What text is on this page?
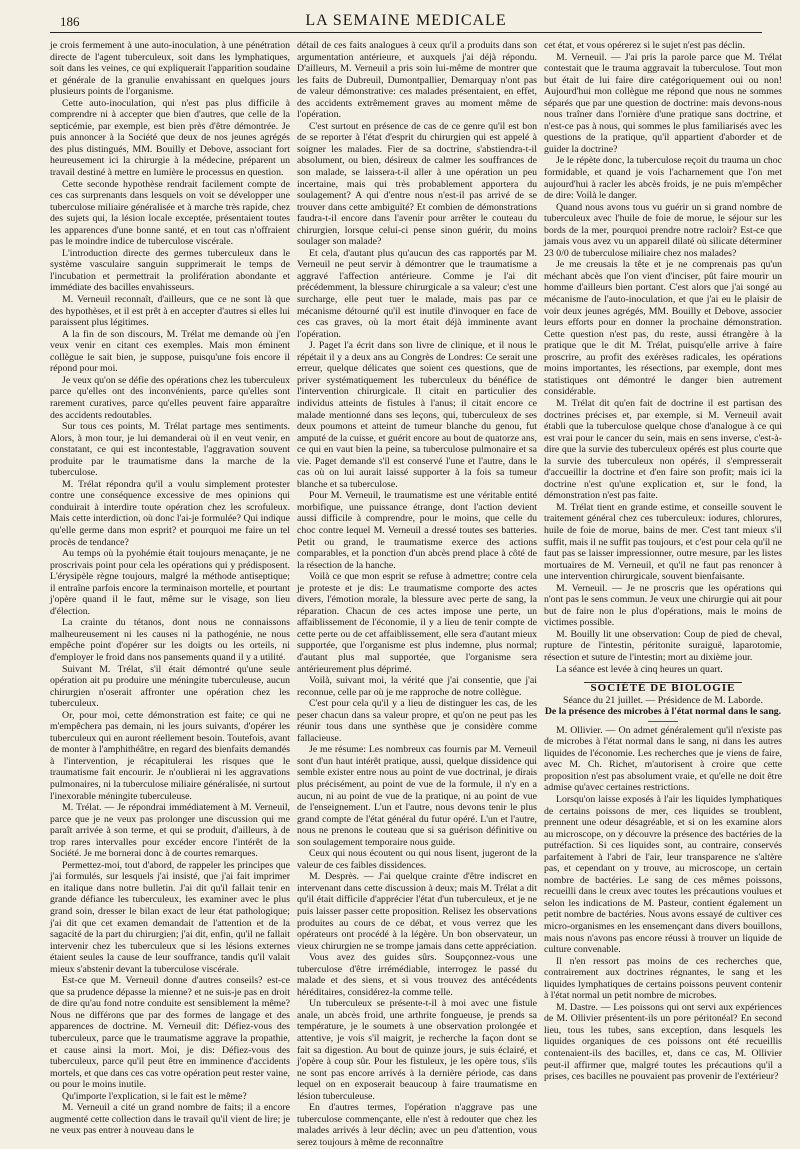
186	LA SEMAINE MEDICALE

je crois fermement à une auto-inoculation, à une pénétration directe de l'agent tuberculeux, soit dans les lymphatiques, soit dans les veines, ce qui expliquerait l'apparition soudaine et générale de la granulie envahissant en quelques jours plusieurs points de l'organisme.

Cette auto-inoculation, qui n'est pas plus difficile à comprendre ni à accepter que bien d'autres, que celle de la septicémie, par exemple, est bien près d'être démontrée. Je puis annoncer à la Société que deux de nos jeunes agrégés des plus distingués, MM. Bouilly et Debove, associant fort heureusement ici la chirurgie à la médecine, préparent un travail destiné à mettre en lumière le processus en question.

Cette seconde hypothèse rendrait facilement compte de ces cas surprenants dans lesquels on voit se développer une tuberculose miliaire généralisée et à marche très rapide, chez des sujets qui, la lésion locale exceptée, présentaient toutes les apparences d'une bonne santé, et en tout cas n'offraient pas le moindre indice de tuberculose viscérale.

L'introduction directe des germes tuberculeux dans le système vasculaire sanguin supprimerait le temps de l'incubation et permettrait la prolifération abondante et immédiate des bacilles envahisseurs.

M. Verneuil reconnaît, d'ailleurs, que ce ne sont là que des hypothèses, et il est prêt à en accepter d'autres si elles lui paraissent plus légitimes.

A la fin de son discours, M. Trélat me demande où j'en veux venir en citant ces exemples. Mais mon éminent collègue le sait bien, je suppose, puisqu'une fois encore il répond pour moi.

Je veux qu'on se défie des opérations chez les tuberculeux parce qu'elles ont des inconvénients, parce qu'elles sont rarement curatives, parce qu'elles peuvent faire apparaître des accidents redoutables.

Sur tous ces points, M. Trélat partage mes sentiments. Alors, à mon tour, je lui demanderai où il en veut venir, en constatant, ce qui est incontestable, l'aggravation souvent produite par le traumatisme dans la marche de la tuberculose.

M. Trélat répondra qu'il a voulu simplement protester contre une conséquence excessive de mes opinions qui conduirait à interdire toute opération chez les scrofuleux. Mais cette interdiction, où donc l'ai-je formulée? Qui indique qu'elle germe dans mon esprit? et pourquoi me faire un tel procès de tendance?

Au temps où la pyohémie était toujours menaçante, je ne proscrivais point pour cela les opérations qui y prédisposent. L'érysipèle règne toujours, malgré la méthode antiseptique; il entraîne parfois encore la terminaison mortelle, et pourtant j'opère quand il le faut, même sur le visage, son lieu d'élection.

La crainte du tétanos, dont nous ne connaissons malheureusement ni les causes ni la pathogénie, ne nous empêche point d'opérer sur les doigts ou les orteils, ni d'employer le froid dans nos pansements quand il y a utilité.

Suivant M. Trélat, s'il était démontré qu'une seule opération ait pu produire une méningite tuberculeuse, aucun chirurgien n'oserait affronter une opération chez les tuberculeux.

Or, pour moi, cette démonstration est faite; ce qui ne m'empêchera pas demain, ni les jours suivants, d'opérer les tuberculeux qui en auront réellement besoin. Toutefois, avant de monter à l'amphithéâtre, en regard des bienfaits demandés à l'intervention, je récapitulerai les risques que le traumatisme fait encourir. Je n'oublierai ni les aggravations pulmonaires, ni la tuberculose miliaire généralisée, ni surtout l'inexorable méningite tuberculeuse.

M. Trélat. — Je répondrai immédiatement à M. Verneuil, parce que je ne veux pas prolonger une discussion qui me paraît arrivée à son terme, et qui se produit, d'ailleurs, à de trop rares intervalles pour excéder encore l'intérêt de la Société. Je me bornerai donc à de courtes remarques.

Permettez-moi, tout d'abord, de rappeler les principes que j'ai formulés, sur lesquels j'ai insisté, que j'ai fait imprimer en italique dans notre bulletin. J'ai dit qu'il fallait tenir en grande défiance les tuberculeux, les examiner avec le plus grand soin, dresser le bilan exact de leur état pathologique; j'ai dit que cet examen demandait de l'attention et de la sagacité de la part du chirurgien; j'ai dit, enfin, qu'il ne fallait intervenir chez les tuberculeux que si les lésions externes étaient seules la cause de leur souffrance, tandis qu'il valait mieux s'abstenir devant la tuberculose viscérale.

Est-ce que M. Verneuil donne d'autres conseils? est-ce que sa prudence dépasse la mienne? et ne suis-je pas en droit de dire qu'au fond notre conduite est sensiblement la même? Nous ne différons que par des formes de langage et des apparences de doctrine. M. Verneuil dit: Défiez-vous des tuberculeux, parce que le traumatisme aggrave la propathie, et cause ainsi la mort. Moi, je dis: Défiez-vous des tuberculeux, parce qu'il peut être en imminence d'accidents mortels, et que dans ces cas votre opération peut rester vaine, ou pour le moins inutile.

Qu'importe l'explication, si le fait est le même?

M. Verneuil a cité un grand nombre de faits; il a encore augmenté cette collection dans le travail qu'il vient de lire; je ne veux pas entrer à nouveau dans le

détail de ces faits analogues à ceux qu'il a produits dans son argumentation antérieure, et auxquels j'ai déjà répondu. D'ailleurs, M. Verneuil a pris soin lui-même de montrer que les faits de Dubreuil, Dumontpallier, Demarquay n'ont pas de valeur démonstrative: ces malades présentaient, en effet, des accidents extrêmement graves au moment même de l'opération.

C'est surtout en présence de cas de ce genre qu'il est bon de se reporter à l'état d'esprit du chirurgien qui est appelé à soigner les malades. Fier de sa doctrine, s'abstiendra-t-il absolument, ou bien, désireux de calmer les souffrances de son malade, se laissera-t-il aller à une opération un peu incertaine, mais qui très probablement apportera du soulagement? A qui d'entre nous n'est-il pas arrivé de se trouver dans cette ambiguïté? Et combien de démonstrations faudra-t-il encore dans l'avenir pour arrêter le couteau du chirurgien, lorsque celui-ci pense sinon guérir, du moins soulager son malade?

Et cela, d'autant plus qu'aucun des cas rapportés par M. Verneuil ne peut servir à démontrer que le traumatisme a aggravé l'affection antérieure. Comme je l'ai dit précédemment, la blessure chirurgicale a sa valeur; c'est une surcharge, elle peut tuer le malade, mais pas par ce mécanisme détourné qu'il est inutile d'invoquer en face de ces cas graves, où la mort était déjà imminente avant l'opération.

J. Paget l'a écrit dans son livre de clinique, et il nous le répétait il y a deux ans au Congrès de Londres: Ce serait une erreur, quelque délicates que soient ces questions, que de priver systématiquement les tuberculeux du bénéfice de l'intervention chirurgicale. Il citait en particulier des individus atteints de fistules à l'anus; il citait encore ce malade mentionné dans ses leçons, qui, tuberculeux de ses deux poumons et atteint de tumeur blanche du genou, fut amputé de la cuisse, et guérit encore au bout de quatorze ans, ce qui en vaut bien la peine, sa tuberculose pulmonaire et sa vie. Paget demande s'il est conservé l'une et l'autre, dans le cas où on lui aurait laissé supporter à la fois sa tumeur blanche et sa tuberculose.

Pour M. Verneuil, le traumatisme est une véritable entité morbifique, une puissance étrange, dont l'action devient aussi difficile à comprendre, pour le moins, que celle du choc contre lequel M. Verneuil a dressé toutes ses batteries. Petit ou grand, le traumatisme exerce des actions comparables, et la ponction d'un abcès prend place à côté de la résection de la hanche.

Voilà ce que mon esprit se refuse à admettre; contre cela je proteste et je dis: Le traumatisme comporte des actes divers, l'émotion morale, la blessure avec perte de sang, la réparation. Chacun de ces actes impose une perte, un affaiblissement de l'économie, il y a lieu de tenir compte de cette perte ou de cet affaiblissement, elle sera d'autant mieux supportée, que l'organisme est plus indemne, plus normal; d'autant plus mal supportée, que l'organisme sera antérieurement plus déprimé.

Voilà, suivant moi, la vérité que j'ai consentie, que j'ai reconnue, celle par où je me rapproche de notre collègue.

C'est pour cela qu'il y a lieu de distinguer les cas, de les peser chacun dans sa valeur propre, et qu'on ne peut pas les réunir tous dans une synthèse que je considère comme fallacieuse.

Je me résume: Les nombreux cas fournis par M. Verneuil sont d'un haut intérêt pratique, aussi, quelque dissidence qui semble exister entre nous au point de vue doctrinal, je dirais plus précisément, au point de vue de la formule, il n'y en a aucun, ni au point de vue de la pratique, ni au point de vue de l'enseignement. L'un et l'autre, nous devons tenir le plus grand compte de l'état général du futur opéré. L'un et l'autre, nous ne prenons le couteau que si sa guérison définitive ou son soulagement temporaire nous guide.

Ceux qui nous écoutent ou qui nous lisent, jugeront de la valeur de ces faibles dissidences.

M. Desprès. — J'ai quelque crainte d'être indiscret en intervenant dans cette discussion à deux; mais M. Trélat a dit qu'il était difficile d'apprécier l'état d'un tuberculeux, et je ne puis laisser passer cette proposition. Relisez les observations produites au cours de ce débat, et vous verrez que les opérateurs ont procédé à la légère. Un bon observateur, un vieux chirurgien ne se trompe jamais dans cette appréciation.

Vous avez des guides sûrs. Soupçonnez-vous une tuberculose d'être irrémédiable, interrogez le passé du malade et des siens, et si vous trouvez des antécédents héréditaires, considérez-la comme telle.

Un tuberculeux se présente-t-il à moi avec une fistule anale, un abcès froid, une arthrite fongueuse, je prends sa température, je le soumets à une observation prolongée et attentive, je vois s'il maigrit, je recherche la façon dont se fait sa digestion. Au bout de quinze jours, je suis éclairé, et j'opère à coup sûr. Pour les fistuleux, je les opère tous, s'ils ne sont pas encore arrivés à la dernière période, cas dans lequel on en exposerait beaucoup à faire traumatisme en lésion tuberculeuse.

En d'autres termes, l'opération n'aggrave pas une tuberculose commençante, elle n'est à redouter que chez les malades arrivés à leur déclin; avec un peu d'attention, vous serez toujours à même de reconnaître

cet état, et vous opérerez si le sujet n'est pas déclin.

M. Verneuil. — J'ai pris la parole parce que M. Trélat contestait que le trauma aggravait la tuberculose. Tout mon but était de lui faire dire catégoriquement oui ou non! Aujourd'hui mon collègue me répond que nous ne sommes séparés que par une question de doctrine: mais devons-nous nous traîner dans l'ornière d'une pratique sans doctrine, et n'est-ce pas à nous, qui sommes le plus familiarisés avec les questions de la pratique, qu'il appartient d'aborder et de guider la doctrine?

Je le répète donc, la tuberculose reçoit du trauma un choc formidable, et quand je vois l'acharnement que l'on met aujourd'hui à racler les abcès froids, je ne puis m'empêcher de dire: Voilà le danger.

Quand nous avons tous vu guérir un si grand nombre de tuberculeux avec l'huile de foie de morue, le séjour sur les bords de la mer, pourquoi prendre notre racloir? Est-ce que jamais vous avez vu un appareil dilaté où silicate déterminer 23 0/0 de tuberculose miliaire chez nos malades?

Je me creusais la tête et je ne comprenais pas qu'un méchant abcès que l'on vient d'inciser, pût faire mourir un homme d'ailleurs bien portant. C'est alors que j'ai songé au mécanisme de l'auto-inoculation, et que j'ai eu le plaisir de voir deux jeunes agrégés, MM. Bouilly et Debove, associer leurs efforts pour en donner la prochaine démonstration. Cette question n'est pas, du reste, aussi étrangère à la pratique que le dit M. Trélat, puisqu'elle arrive à faire proscrire, au profit des exérèses radicales, les opérations moins importantes, les résections, par exemple, dont mes statistiques ont démontré le danger bien autrement considérable.

M. Trélat dit qu'en fait de doctrine il est partisan des doctrines précises et, par exemple, si M. Verneuil avait établi que la tuberculose quelque chose d'analogue à ce qui est vrai pour le cancer du sein, mais en sens inverse, c'est-à-dire que la survie des tuberculeux opérés est plus courte que la survie des tuberculeux non opérés, il s'empresserait d'accueillir la doctrine et d'en faire son profit; mais ici la doctrine n'est qu'une explication et, sur le fond, la démonstration n'est pas faite.

M. Trélat tient en grande estime, et conseille souvent le traitement général chez ces tuberculeux: iodures, chlorures, huile de foie de morue, bains de mer. C'est tant mieux s'il suffit, mais il ne suffit pas toujours, et c'est pour cela qu'il ne faut pas se laisser impressionner, outre mesure, par les listes mortuaires de M. Verneuil, et qu'il ne faut pas renoncer à une intervention chirurgicale, souvent bienfaisante.

M. Verneuil. — Je ne proscris que les opérations qui n'ont pas le sens commun. Je veux une chirurgie qui ait pour but de faire non le plus d'opérations, mais le moins de victimes possible.

M. Bouilly lit une observation: Coup de pied de cheval, rupture de l'intestin, péritonite suraiguë, laparotomie, résection et suture de l'intestin; mort au dixième jour.

La séance est levée à cinq heures un quart.

SOCIÉTÉ DE BIOLOGIE

Séance du 21 juillet. — Présidence de M. Laborde.

De la présence des microbes à l'état normal dans le sang.

M. Ollivier. — On admet généralement qu'il n'existe pas de microbes à l'état normal dans le sang, ni dans les autres liquides de l'économie. Les recherches que je viens de faire, avec M. Ch. Richet, m'autorisent à croire que cette proposition n'est pas absolument vraie, et qu'elle ne doit être admise qu'avec certaines restrictions.

Lorsqu'on laisse exposés à l'air les liquides lymphatiques de certains poissons de mer, ces liquides se troublent, prennent une odeur désagréable, et si on les examine alors au microscope, on y découvre la présence des bactéries de la putréfaction. Si ces liquides sont, au contraire, conservés parfaitement à l'abri de l'air, leur transparence ne s'altère pas, et cependant on y trouve, au microscope, un certain nombre de bactéries. Le sang de ces mêmes poissons, recueilli dans le creux avec toutes les précautions voulues et selon les indications de M. Pasteur, contient également un petit nombre de bactéries. Nous avons essayé de cultiver ces micro-organismes en les ensemençant dans divers bouillons, mais nous n'avons pas encore réussi à trouver un liquide de culture convenable.

Il n'en ressort pas moins de ces recherches que, contrairement aux doctrines régnantes, le sang et les liquides lymphatiques de certains poissons peuvent contenir à l'état normal un petit nombre de microbes.

M. Dastre. — Les poissons qui ont servi aux expériences de M. Ollivier présentent-ils un pore péritonéal? En second lieu, tous les tubes, sans exception, dans lesquels les liquides organiques de ces poissons ont été recueillis contenaient-ils des bacilles, et, dans ce cas, M. Ollivier peut-il affirmer que, malgré toutes les précautions qu'il a prises, ces bacilles ne pouvaient pas provenir de l'extérieur?
